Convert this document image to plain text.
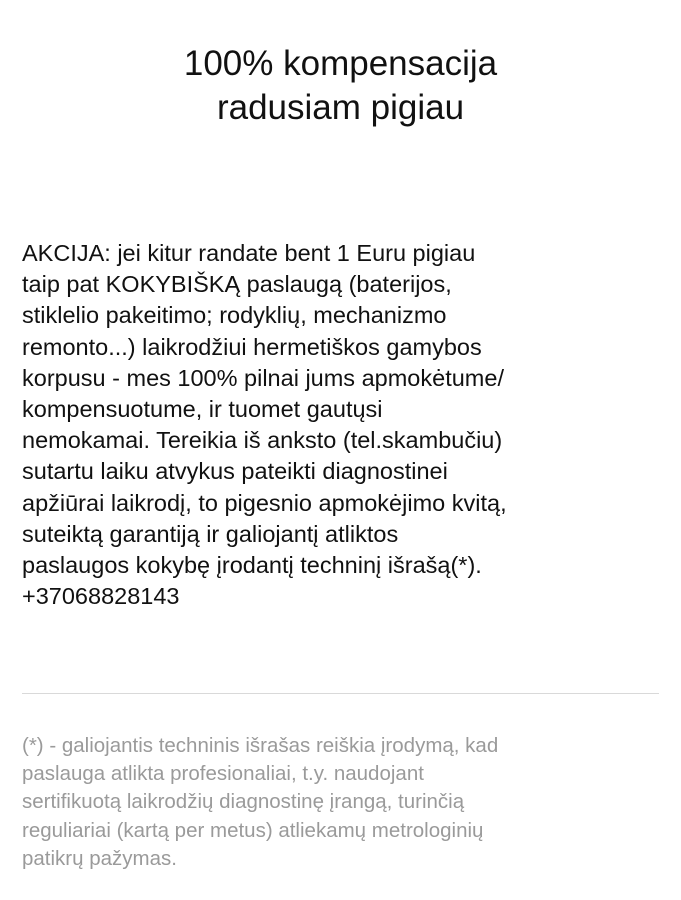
100% kompensacija
radusiam pigiau
AKCIJA: jei kitur randate bent 1 Euru pigiau
taip pat KOKYBIŠKĄ paslaugą (baterijos,
stiklelio pakeitimo; rodyklių, mechanizmo
remonto...) laikrodžiui hermetiškos gamybos
korpusu - mes 100% pilnai jums apmokėtume/
kompensuotume, ir tuomet gautųsi
nemokamai. Tereikia iš anksto (tel.skambučiu)
sutartu laiku atvykus pateikti diagnostinei
apžiūrai laikrodį, to pigesnio apmokėjimo kvitą,
suteiktą garantiją ir galiojantį atliktos
paslaugos kokybę įrodantį techninį išrašą(*).
+37068828143
(*) - galiojantis techninis išrašas reiškia įrodymą, kad
paslauga atlikta profesionaliai, t.y. naudojant
sertifikuotą laikrodžių diagnostinę įrangą, turinčią
reguliariai (kartą per metus) atliekamų metrologinių
patikrų pažymas.
